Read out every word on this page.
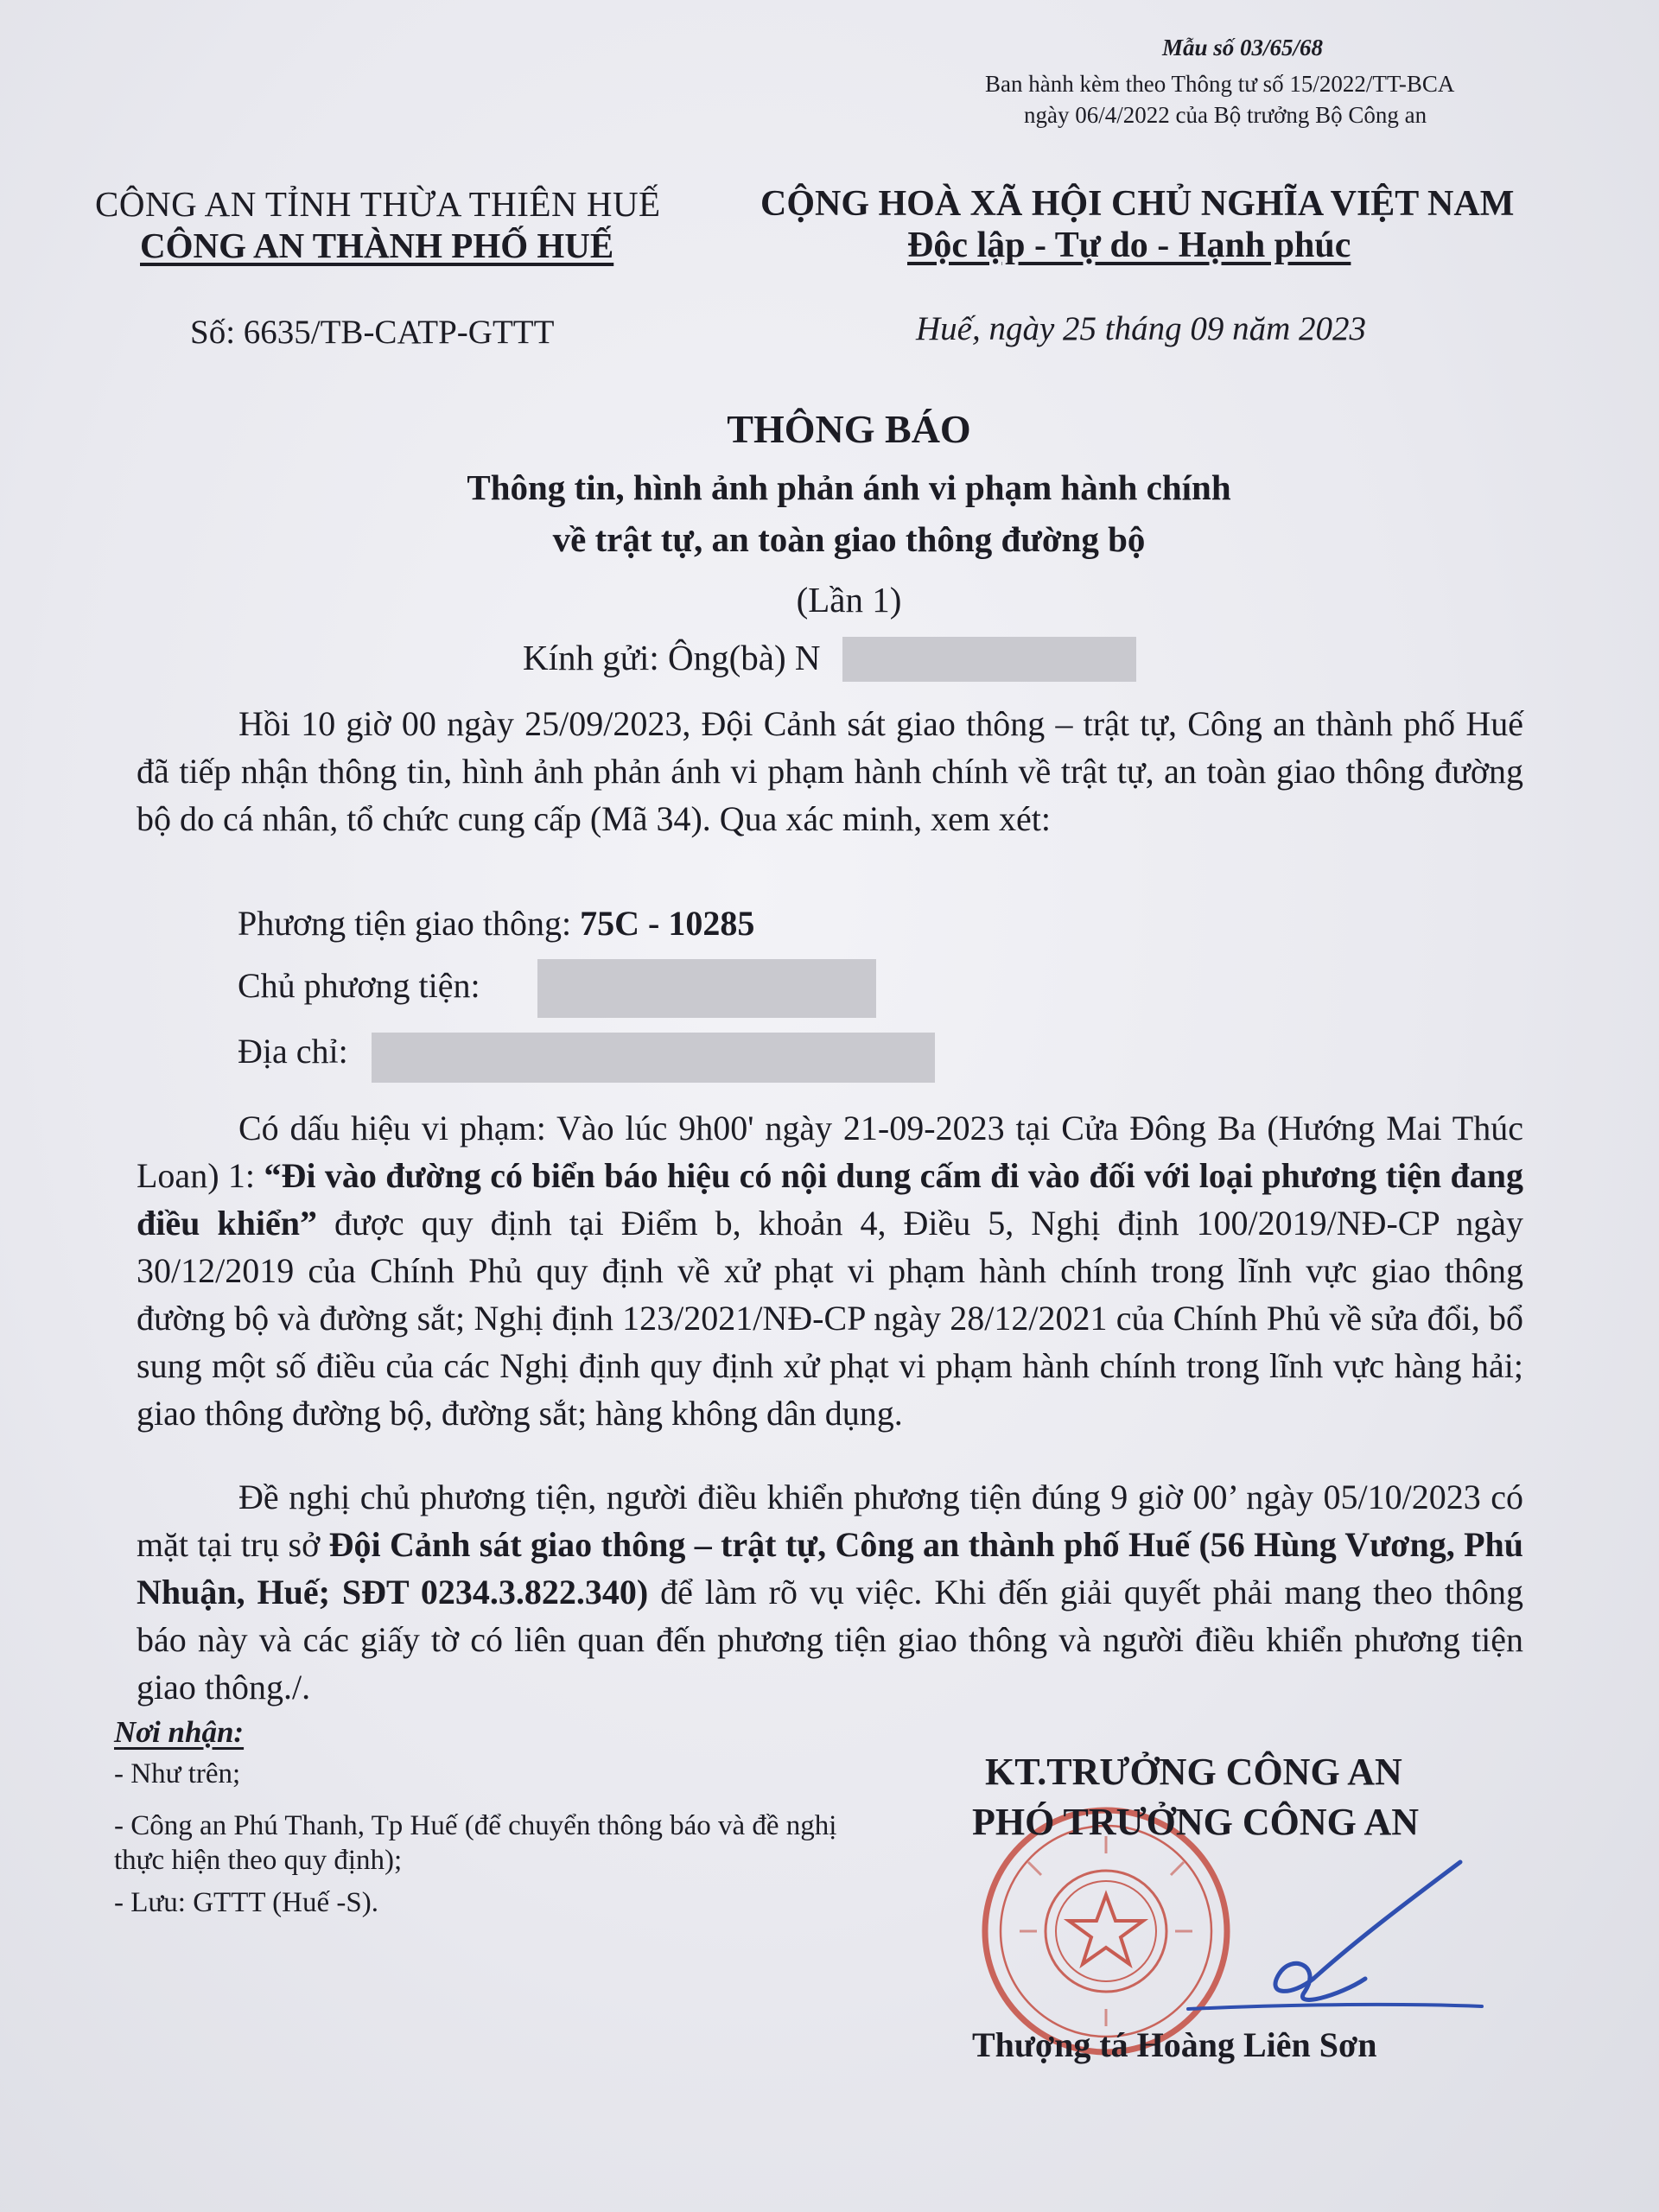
Mẫu số 03/65/68
Ban hành kèm theo Thông tư số 15/2022/TT-BCA
ngày 06/4/2022 của Bộ trưởng Bộ Công an
CÔNG AN TỈNH THỪA THIÊN HUẾ
CÔNG AN THÀNH PHỐ HUẾ
CỘNG HOÀ XÃ HỘI CHỦ NGHĨA VIỆT NAM
Độc lập - Tự do - Hạnh phúc
Số: 6635/TB-CATP-GTTT	Huế, ngày 25 tháng 09 năm 2023
THÔNG BÁO
Thông tin, hình ảnh phản ánh vi phạm hành chính
về trật tự, an toàn giao thông đường bộ
(Lần 1)
Kính gửi: Ông(bà) N
Hồi 10 giờ 00 ngày 25/09/2023, Đội Cảnh sát giao thông – trật tự, Công an thành phố Huế đã tiếp nhận thông tin, hình ảnh phản ánh vi phạm hành chính về trật tự, an toàn giao thông đường bộ do cá nhân, tổ chức cung cấp (Mã 34). Qua xác minh, xem xét:
Phương tiện giao thông: 75C - 10285
Chủ phương tiện:
Địa chỉ:
Có dấu hiệu vi phạm: Vào lúc 9h00' ngày 21-09-2023 tại Cửa Đông Ba (Hướng Mai Thúc Loan) 1: “Đi vào đường có biển báo hiệu có nội dung cấm đi vào đối với loại phương tiện đang điều khiển” được quy định tại Điểm b, khoản 4, Điều 5, Nghị định 100/2019/NĐ-CP ngày 30/12/2019 của Chính Phủ quy định về xử phạt vi phạm hành chính trong lĩnh vực giao thông đường bộ và đường sắt; Nghị định 123/2021/NĐ-CP ngày 28/12/2021 của Chính Phủ về sửa đổi, bổ sung một số điều của các Nghị định quy định xử phạt vi phạm hành chính trong lĩnh vực hàng hải; giao thông đường bộ, đường sắt; hàng không dân dụng.
Đề nghị chủ phương tiện, người điều khiển phương tiện đúng 9 giờ 00’ ngày 05/10/2023 có mặt tại trụ sở Đội Cảnh sát giao thông – trật tự, Công an thành phố Huế (56 Hùng Vương, Phú Nhuận, Huế; SĐT 0234.3.822.340) để làm rõ vụ việc. Khi đến giải quyết phải mang theo thông báo này và các giấy tờ có liên quan đến phương tiện giao thông và người điều khiển phương tiện giao thông./.
Nơi nhận:
- Như trên;
- Công an Phú Thanh, Tp Huế (để chuyển thông báo và đề nghị thực hiện theo quy định);
- Lưu: GTTT (Huế -S).
KT.TRƯỞNG CÔNG AN
PHÓ TRƯỞNG CÔNG AN
Thượng tá Hoàng Liên Sơn
